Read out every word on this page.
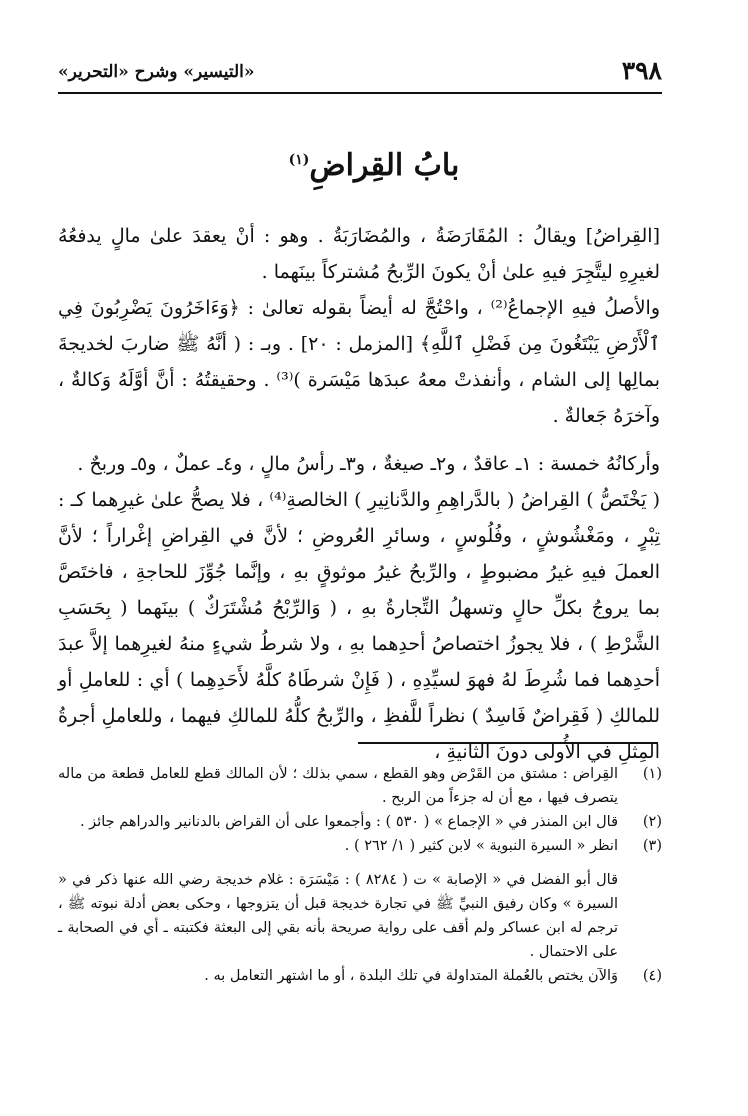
٣٩٨
«التيسير» وشرح «التحرير»
بابُ القِراضِ$^{(١)}$

[القِراضُ] ويقالُ : المُقَارَضَةُ ، والمُضَارَبَةُ . وهو : أنْ يعقدَ علىٰ مالٍ يدفعُهُ لغيرِهِ ليتَّجِرَ فيهِ علىٰ أنْ يكونَ الرِّبحُ مُشتركاً بينَهما .

والأصلُ فيهِ الإجماعُ⁽²⁾ ، واحْتُجَّ له أيضاً بقوله تعالىٰ : ﴿وَءَاخَرُونَ يَضْرِبُونَ فِي ٱلْأَرْضِ يَبْتَغُونَ مِن فَضْلِ ٱللَّهِ﴾ [المزمل : ٢٠] . وبـ : ( أنَّهُ ﷺ ضاربَ لخديجةَ بمالِها إلى الشام ، وأنفذتْ معهُ عبدَها مَيْسَرة )⁽³⁾ . وحقيقتُهُ : أنَّ أوَّلَهُ وَكالةٌ ، وآخرَهُ جَعالةٌ .

وأركانُهُ خمسة : ١ـ عاقدٌ ، و٢ـ صيغةٌ ، و٣ـ رأسُ مالٍ ، و٤ـ عملٌ ، و٥ـ وربحٌ .

( يَخْتَصُّ ) القِراضُ ( بالدَّراهِمِ والدَّنانِيرِ ) الخالصةِ⁽⁴⁾ ، فلا يصحُّ علىٰ غيرِهما كـ : تِبْرٍ ، ومَغْشُوشٍ ، وفُلُوسٍ ، وسائرِ العُروضِ ؛ لأنَّ في القِراضِ إغْراراً ؛ لأنَّ العملَ فيهِ غيرُ مضبوطٍ ، والرِّبحُ غيرُ موثوقٍ بهِ ، وإنَّما جُوِّزَ للحاجةِ ، فاختَصَّ بما يروجُ بكلِّ حالٍ وتسهلُ التِّجارةُ بهِ ، ( وَالرِّبْحُ مُشْتَرَكٌ ) بينَهما ( بِحَسَبِ الشَّرْطِ ) ، فلا يجوزُ اختصاصُ أحدِهما بهِ ، ولا شرطُ شيءٍ منهُ لغيرِهما إلاَّ عبدَ أحدِهما فما شُرِطَ لهُ فهوَ لسيِّدِهِ ، ( فَإِنْ شرطَاهُ كلَّهُ لأَحَدِهِما ) أي : للعاملِ أو للمالكِ ( فَقِراضٌ فَاسِدٌ ) نظراً للَّفظِ ، والرِّبحُ كلُّهُ للمالكِ فيهما ، وللعاملِ أجرةُ المِثلِ في الأُولى دونَ الثانيةِ ،

(١)
القِراض : مشتق من القَرْض وهو القطع ، سمي بذلك ؛ لأن المالك قطع للعامل قطعة من ماله يتصرف فيها ، مع أن له جزءاً من الربح .
(٢)
قال ابن المنذر في « الإجماع » ( ٥٣٠ ) : وأجمعوا على أن القراض بالدنانير والدراهم جائز .
(٣)
انظر « السيرة النبوية » لابن كثير ( ١/ ٢٦٢ ) .
قال أبو الفضل في « الإصابة » ت ( ٨٢٨٤ ) : مَيْسَرَة : غلام خديجة رضي الله عنها ذكر في « السيرة » وكان رفيق النبيِّ ﷺ في تجارة خديجة قبل أن يتزوجها ، وحكى بعض أدلة نبوته ﷺ ، ترجم له ابن عساكر ولم أقف على رواية صريحة بأنه بقي إلى البعثة فكتبته ـ أي في الصحابة ـ على الاحتمال .
(٤)
وَالآن يختص بالعُملة المتداولة في تلك البلدة ، أو ما اشتهر التعامل به .
